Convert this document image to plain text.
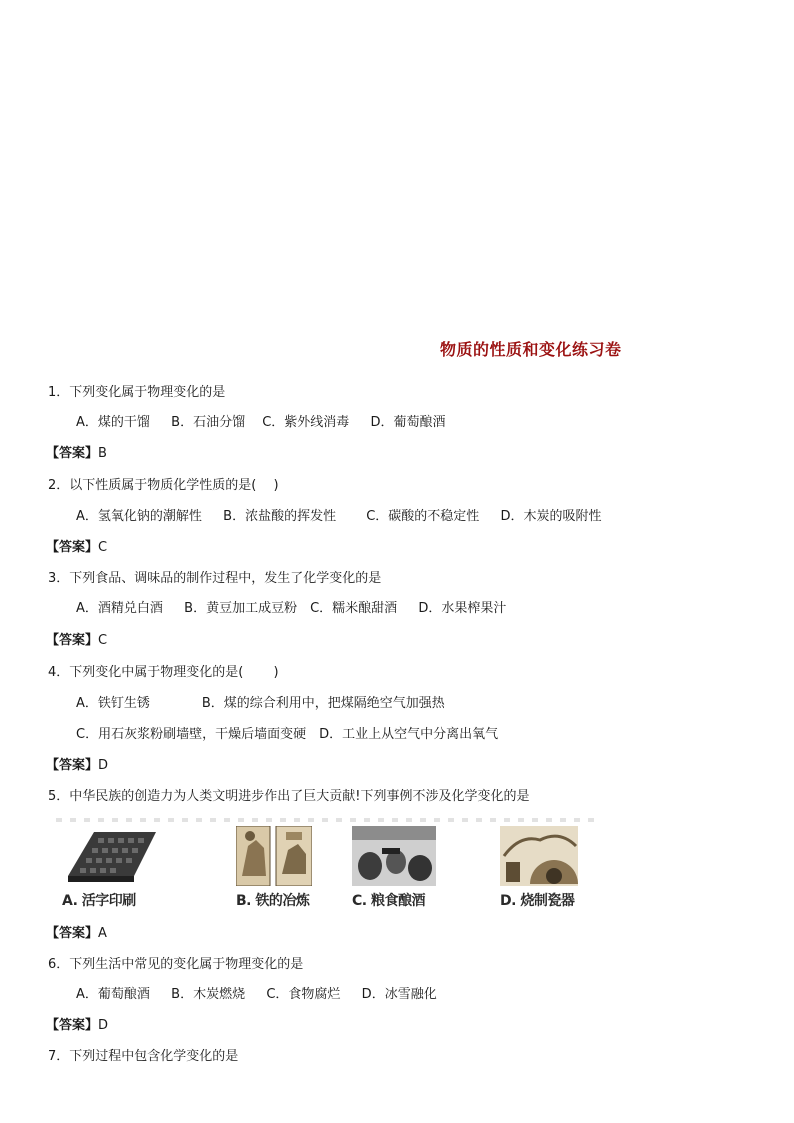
物质的性质和变化练习卷
1．下列变化属于物理变化的是
A．煤的干馏 　 B．石油分馏　 C．紫外线消毒 　 D．葡萄酿酒
【答案】B
2．以下性质属于物质化学性质的是(　 )
A．氢氧化钠的潮解性 　 B．浓盐酸的挥发性 　　C．碳酸的不稳定性 　 D．木炭的吸附性
【答案】C
3．下列食品、调味品的制作过程中，发生了化学变化的是
A．酒精兑白酒 　 B．黄豆加工成豆粉　C．糯米酿甜酒 　 D．水果榨果汁
【答案】C
4．下列变化中属于物理变化的是(　 　)
A．铁钉生锈　　　　B．煤的综合利用中，把煤隔绝空气加强热
C．用石灰浆粉刷墙壁，干燥后墙面变硬　D．工业上从空气中分离出氧气
【答案】D
5．中华民族的创造力为人类文明进步作出了巨大贡献!下列事例不涉及化学变化的是
A. 活字印刷	B. 铁的冶炼	C. 粮食酿酒	D. 烧制瓷器
【答案】A
6．下列生活中常见的变化属于物理变化的是
A．葡萄酿酒 　 B．木炭燃烧 　 C．食物腐烂 　 D．冰雪融化
【答案】D
7．下列过程中包含化学变化的是
